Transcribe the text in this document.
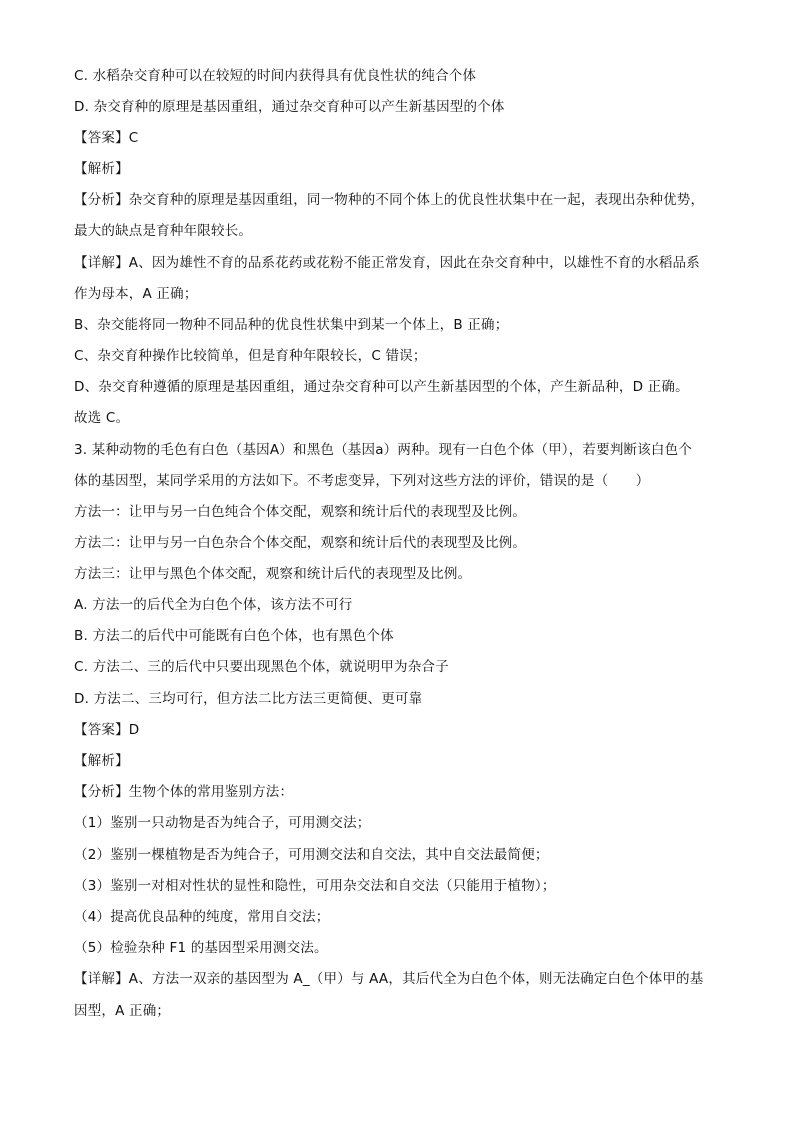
C. 水稻杂交育种可以在较短的时间内获得具有优良性状的纯合个体
D. 杂交育种的原理是基因重组，通过杂交育种可以产生新基因型的个体
【答案】C
【解析】
【分析】杂交育种的原理是基因重组，同一物种的不同个体上的优良性状集中在一起，表现出杂种优势，
最大的缺点是育种年限较长。
【详解】A、因为雄性不育的品系花药或花粉不能正常发育，因此在杂交育种中，以雄性不育的水稻品系
作为母本，A 正确；
B、杂交能将同一物种不同品种的优良性状集中到某一个体上，B 正确；
C、杂交育种操作比较简单，但是育种年限较长，C 错误；
D、杂交育种遵循的原理是基因重组，通过杂交育种可以产生新基因型的个体，产生新品种，D 正确。
故选 C。
3. 某种动物的毛色有白色（基因A）和黑色（基因a）两种。现有一白色个体（甲），若要判断该白色个
体的基因型，某同学采用的方法如下。不考虑变异，下列对这些方法的评价，错误的是（　　）
方法一：让甲与另一白色纯合个体交配，观察和统计后代的表现型及比例。
方法二：让甲与另一白色杂合个体交配，观察和统计后代的表现型及比例。
方法三：让甲与黑色个体交配，观察和统计后代的表现型及比例。
A. 方法一的后代全为白色个体，该方法不可行
B. 方法二的后代中可能既有白色个体，也有黑色个体
C. 方法二、三的后代中只要出现黑色个体，就说明甲为杂合子
D. 方法二、三均可行，但方法二比方法三更简便、更可靠
【答案】D
【解析】
【分析】生物个体的常用鉴别方法：
（1）鉴别一只动物是否为纯合子，可用测交法；
（2）鉴别一棵植物是否为纯合子，可用测交法和自交法，其中自交法最简便；
（3）鉴别一对相对性状的显性和隐性，可用杂交法和自交法（只能用于植物）；
（4）提高优良品种的纯度，常用自交法；
（5）检验杂种 F1 的基因型采用测交法。
【详解】A、方法一双亲的基因型为 A_（甲）与 AA，其后代全为白色个体，则无法确定白色个体甲的基
因型，A 正确；
